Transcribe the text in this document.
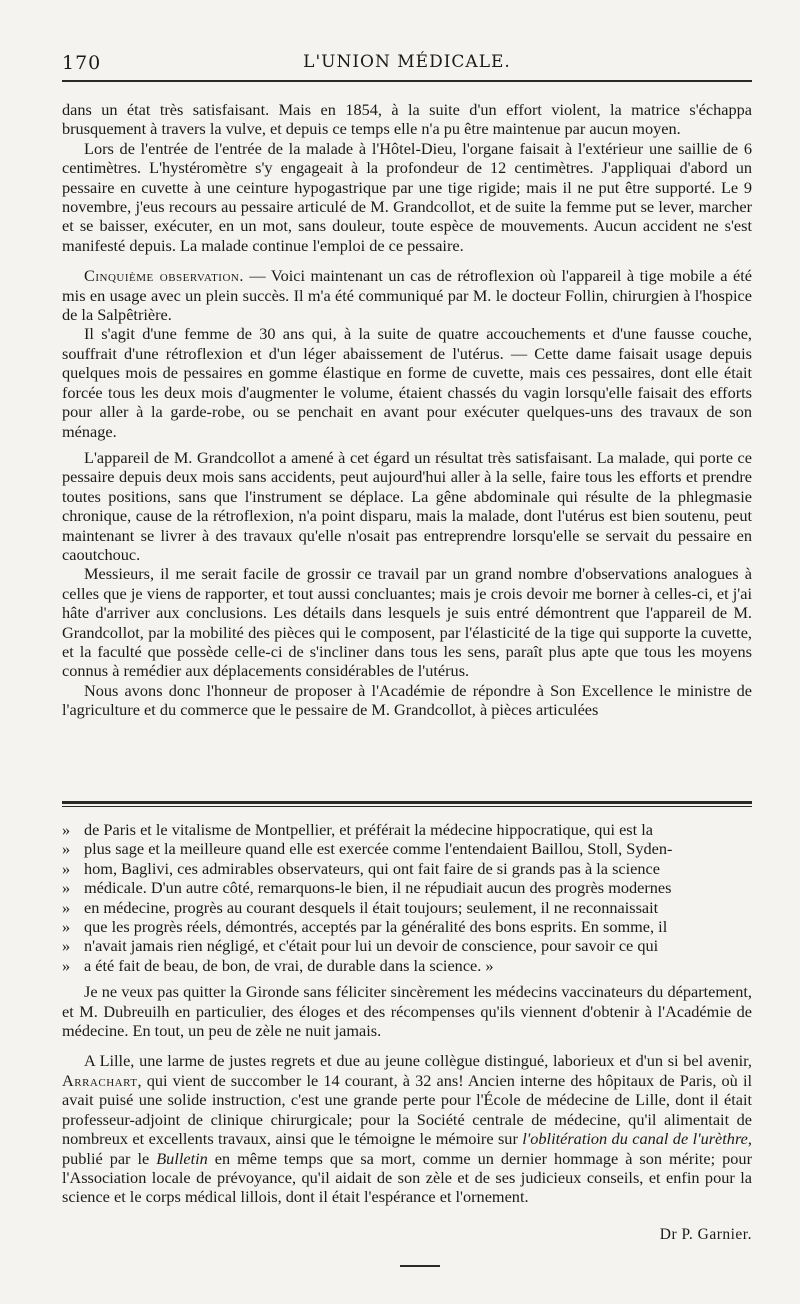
170	L'UNION MÉDICALE.

dans un état très satisfaisant. Mais en 1854, à la suite d'un effort violent, la matrice s'échappa brusquement à travers la vulve, et depuis ce temps elle n'a pu être maintenue par aucun moyen.

Lors de l'entrée de l'entrée de la malade à l'Hôtel-Dieu, l'organe faisait à l'extérieur une saillie de 6 centimètres. L'hystéromètre s'y engageait à la profondeur de 12 centimètres. J'appliquai d'abord un pessaire en cuvette à une ceinture hypogastrique par une tige rigide; mais il ne put être supporté. Le 9 novembre, j'eus recours au pessaire articulé de M. Grandcollot, et de suite la femme put se lever, marcher et se baisser, exécuter, en un mot, sans douleur, toute espèce de mouvements. Aucun accident ne s'est manifesté depuis. La malade continue l'emploi de ce pessaire.

Cinquième observation. — Voici maintenant un cas de rétroflexion où l'appareil à tige mobile a été mis en usage avec un plein succès. Il m'a été communiqué par M. le docteur Follin, chirurgien à l'hospice de la Salpêtrière.

Il s'agit d'une femme de 30 ans qui, à la suite de quatre accouchements et d'une fausse couche, souffrait d'une rétroflexion et d'un léger abaissement de l'utérus. — Cette dame faisait usage depuis quelques mois de pessaires en gomme élastique en forme de cuvette, mais ces pessaires, dont elle était forcée tous les deux mois d'augmenter le volume, étaient chassés du vagin lorsqu'elle faisait des efforts pour aller à la garde-robe, ou se penchait en avant pour exécuter quelques-uns des travaux de son ménage.

L'appareil de M. Grandcollot a amené à cet égard un résultat très satisfaisant. La malade, qui porte ce pessaire depuis deux mois sans accidents, peut aujourd'hui aller à la selle, faire tous les efforts et prendre toutes positions, sans que l'instrument se déplace. La gêne abdominale qui résulte de la phlegmasie chronique, cause de la rétroflexion, n'a point disparu, mais la malade, dont l'utérus est bien soutenu, peut maintenant se livrer à des travaux qu'elle n'osait pas entreprendre lorsqu'elle se servait du pessaire en caoutchouc.

Messieurs, il me serait facile de grossir ce travail par un grand nombre d'observations analogues à celles que je viens de rapporter, et tout aussi concluantes; mais je crois devoir me borner à celles-ci, et j'ai hâte d'arriver aux conclusions. Les détails dans lesquels je suis entré démontrent que l'appareil de M. Grandcollot, par la mobilité des pièces qui le composent, par l'élasticité de la tige qui supporte la cuvette, et la faculté que possède celle-ci de s'incliner dans tous les sens, paraît plus apte que tous les moyens connus à remédier aux déplacements considérables de l'utérus.

Nous avons donc l'honneur de proposer à l'Académie de répondre à Son Excellence le ministre de l'agriculture et du commerce que le pessaire de M. Grandcollot, à pièces articulées

» de Paris et le vitalisme de Montpellier, et préférait la médecine hippocratique, qui est la

» plus sage et la meilleure quand elle est exercée comme l'entendaient Baillou, Stoll, Syden-

» hom, Baglivi, ces admirables observateurs, qui ont fait faire de si grands pas à la science

» médicale. D'un autre côté, remarquons-le bien, il ne répudiait aucun des progrès modernes

» en médecine, progrès au courant desquels il était toujours; seulement, il ne reconnaissait

» que les progrès réels, démontrés, acceptés par la généralité des bons esprits. En somme, il

» n'avait jamais rien négligé, et c'était pour lui un devoir de conscience, pour savoir ce qui

» a été fait de beau, de bon, de vrai, de durable dans la science. »

Je ne veux pas quitter la Gironde sans féliciter sincèrement les médecins vaccinateurs du département, et M. Dubreuilh en particulier, des éloges et des récompenses qu'ils viennent d'obtenir à l'Académie de médecine. En tout, un peu de zèle ne nuit jamais.

A Lille, une larme de justes regrets et due au jeune collègue distingué, laborieux et d'un si bel avenir, Arrachart, qui vient de succomber le 14 courant, à 32 ans! Ancien interne des hôpitaux de Paris, où il avait puisé une solide instruction, c'est une grande perte pour l'École de médecine de Lille, dont il était professeur-adjoint de clinique chirurgicale; pour la Société centrale de médecine, qu'il alimentait de nombreux et excellents travaux, ainsi que le témoigne le mémoire sur l'oblitération du canal de l'urèthre, publié par le Bulletin en même temps que sa mort, comme un dernier hommage à son mérite; pour l'Association locale de prévoyance, qu'il aidait de son zèle et de ses judicieux conseils, et enfin pour la science et le corps médical lillois, dont il était l'espérance et l'ornement.

Dr P. Garnier.
